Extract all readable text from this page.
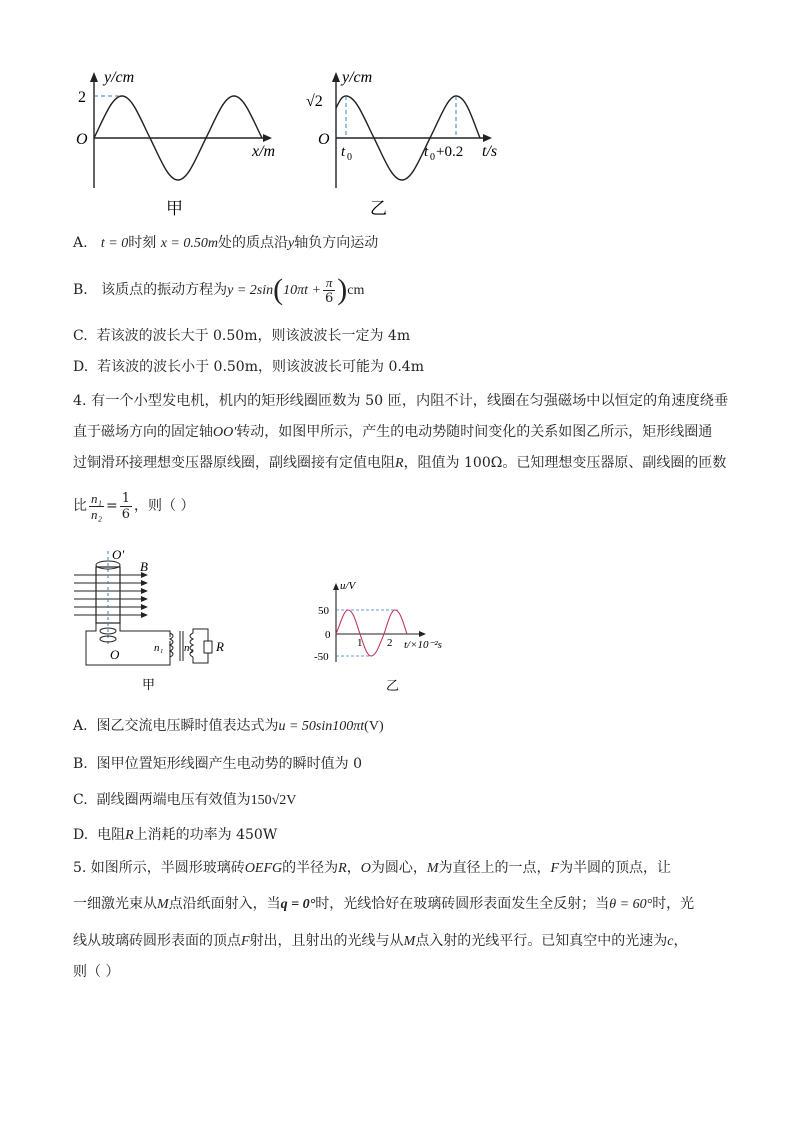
y/cm
2
O
x/m
甲
y/cm
√2
O
t 0	t 0 +0.2 t/s
乙
A. t = 0时刻 x = 0.50m处的质点沿y轴负方向运动
B. 该质点的振动方程为$y = 2\sin(10\pi t + \frac{\pi}{6} )cm$
C. 若该波的波长大于 0.50m，则该波波长一定为 4m
D. 若该波的波长小于 0.50m，则该波波长可能为 0.4m
4. 有一个小型发电机，机内的矩形线圈匝数为 50 匝，内阻不计，线圈在匀强磁场中以恒定的角速度绕垂
直于磁场方向的固定轴OO′转动，如图甲所示，产生的电动势随时间变化的关系如图乙所示，矩形线圈通
过铜滑环接理想变压器原线圈，副线圈接有定值电阻R，阻值为 100Ω。已知理想变压器原、副线圈的匝数
比 $\frac{\text{n₁}}{\text{n₂}} = \frac{1}{6}$ ，则（ ）
O′
B
O	n₁ n₂ R
甲
50
0
-50
u/V
1 2 t/×10⁻²s
乙
A. 图乙交流电压瞬时值表达式为u = 50sin100πt(V)
B. 图甲位置矩形线圈产生电动势的瞬时值为 0
C. 副线圈两端电压有效值为150√2V
D. 电阻R上消耗的功率为 450W
5. 如图所示，半圆形玻璃砖OEFG的半径为R，O为圆心，M为直径上的一点，F为半圆的顶点，让
一细激光束从M点沿纸面射入，当q = 0°时，光线恰好在玻璃砖圆形表面发生全反射；当θ = 60°时，光
线从玻璃砖圆形表面的顶点F射出，且射出的光线与从M点入射的光线平行。已知真空中的光速为c，
则（ ）
